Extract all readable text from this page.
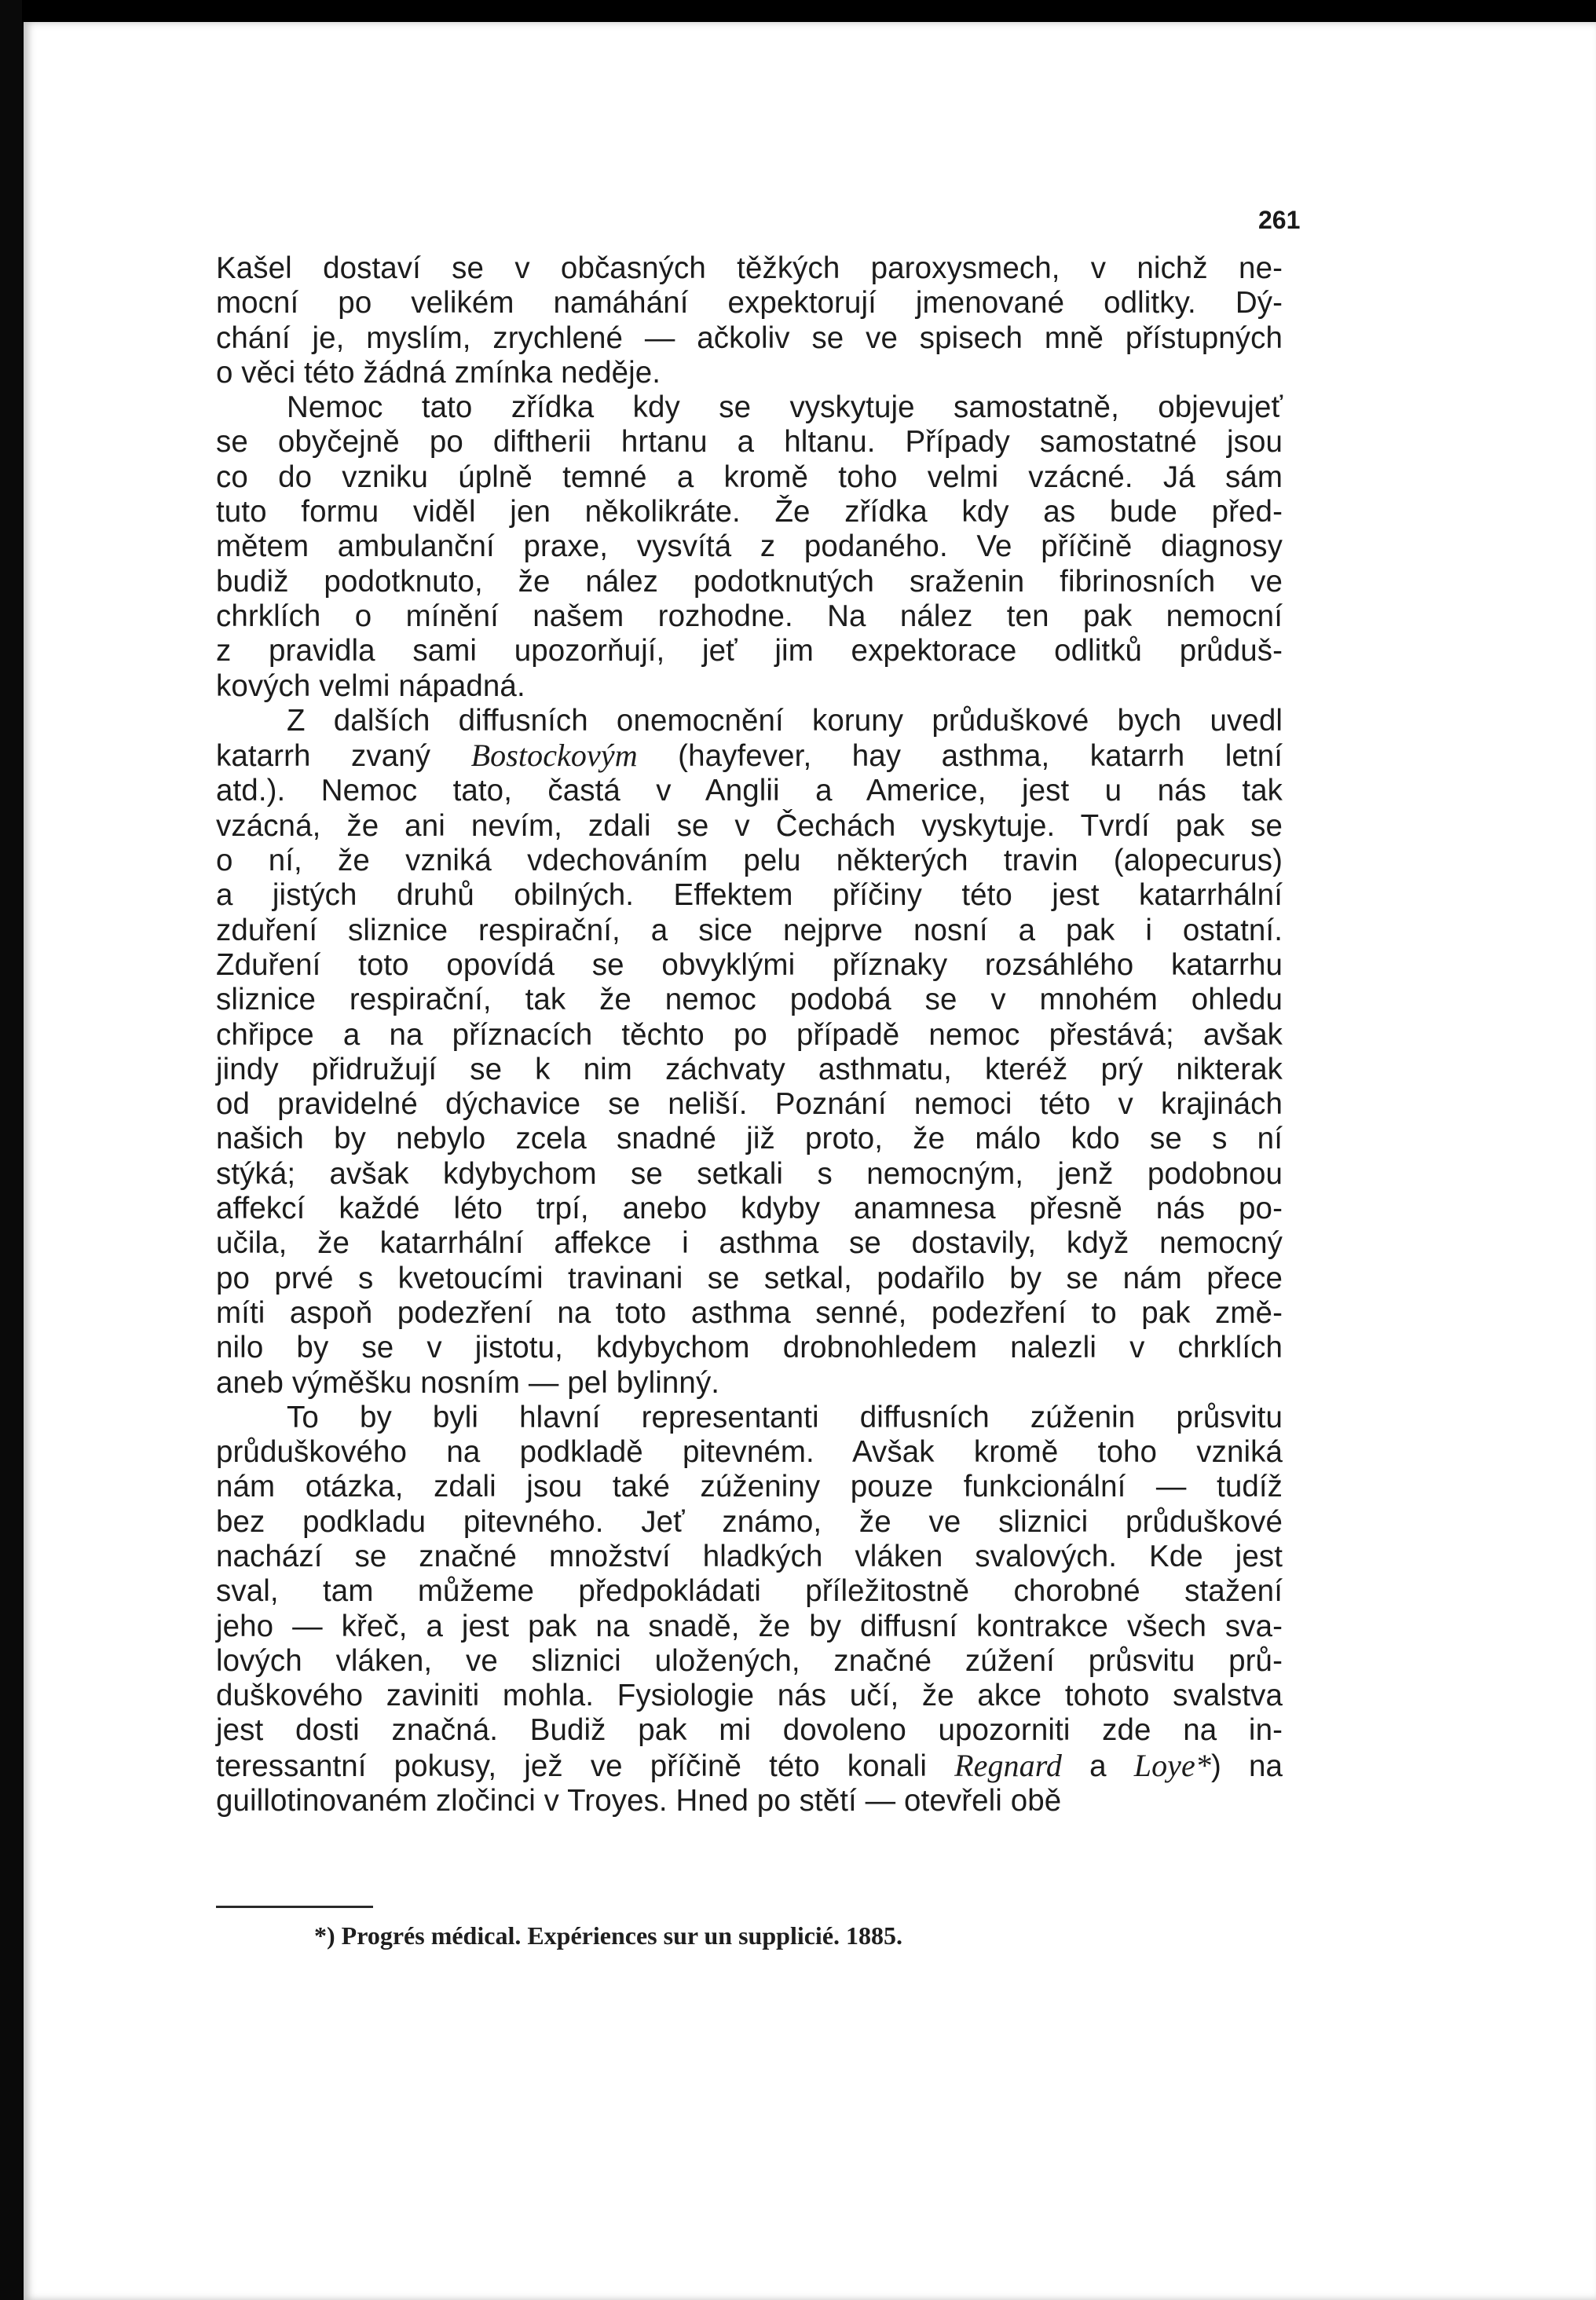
261
Kašel dostaví se v občasných těžkých paroxysmech, v nichž ne-
mocní po velikém namáhání expektorují jmenované odlitky. Dý-
chání je, myslím, zrychlené — ačkoliv se ve spisech mně přístupných
o věci této žádná zmínka neděje.
Nemoc tato zřídka kdy se vyskytuje samostatně, objevujeť
se obyčejně po diftherii hrtanu a hltanu. Případy samostatné jsou
co do vzniku úplně temné a kromě toho velmi vzácné. Já sám
tuto formu viděl jen několikráte. Že zřídka kdy as bude před-
mětem ambulanční praxe, vysvítá z podaného. Ve příčině diagnosy
budiž podotknuto, že nález podotknutých sraženin fibrinosních ve
chrklích o mínění našem rozhodne. Na nález ten pak nemocní
z pravidla sami upozorňují, jeť jim expektorace odlitků průduš-
kových velmi nápadná.
Z dalších diffusních onemocnění koruny průduškové bych uvedl
katarrh zvaný Bostockovým (hayfever, hay asthma, katarrh letní
atd.). Nemoc tato, častá v Anglii a Americe, jest u nás tak
vzácná, že ani nevím, zdali se v Čechách vyskytuje. Tvrdí pak se
o ní, že vzniká vdechováním pelu některých travin (alopecurus)
a jistých druhů obilných. Effektem příčiny této jest katarrhální
zduření sliznice respirační, a sice nejprve nosní a pak i ostatní.
Zduření toto opovídá se obvyklými příznaky rozsáhlého katarrhu
sliznice respirační, tak že nemoc podobá se v mnohém ohledu
chřipce a na příznacích těchto po případě nemoc přestává; avšak
jindy přidružují se k nim záchvaty asthmatu, kteréž prý nikterak
od pravidelné dýchavice se neliší. Poznání nemoci této v krajinách
našich by nebylo zcela snadné již proto, že málo kdo se s ní
stýká; avšak kdybychom se setkali s nemocným, jenž podobnou
affekcí každé léto trpí, anebo kdyby anamnesa přesně nás po-
učila, že katarrhální affekce i asthma se dostavily, když nemocný
po prvé s kvetoucími travinani se setkal, podařilo by se nám přece
míti aspoň podezření na toto asthma senné, podezření to pak změ-
nilo by se v jistotu, kdybychom drobnohledem nalezli v chrklích
aneb výměšku nosním — pel bylinný.
To by byli hlavní representanti diffusních zúženin průsvitu
průduškového na podkladě pitevném. Avšak kromě toho vzniká
nám otázka, zdali jsou také zúženiny pouze funkcionální — tudíž
bez podkladu pitevného. Jeť známo, že ve sliznici průduškové
nachází se značné množství hladkých vláken svalových. Kde jest
sval, tam můžeme předpokládati příležitostně chorobné stažení
jeho — křeč, a jest pak na snadě, že by diffusní kontrakce všech sva-
lových vláken, ve sliznici uložených, značné zúžení průsvitu prů-
duškového zaviniti mohla. Fysiologie nás učí, že akce tohoto svalstva
jest dosti značná. Budiž pak mi dovoleno upozorniti zde na in-
teressantní pokusy, jež ve příčině této konali Regnard a Loye*) na
guillotinovaném zločinci v Troyes. Hned po stětí — otevřeli obě
*) Progrés médical. Expériences sur un supplicié. 1885.
